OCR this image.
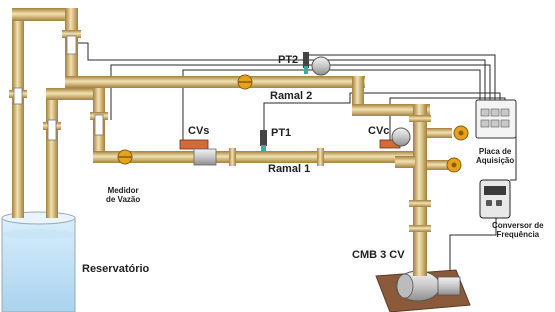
PT2
Ramal 2
Placa de
Aquisição
CVs	PT1	CVc
Ramal 1
Medidor
de Vazão
Conversor de
Frequência
CMB 3 CV
Reservatório
